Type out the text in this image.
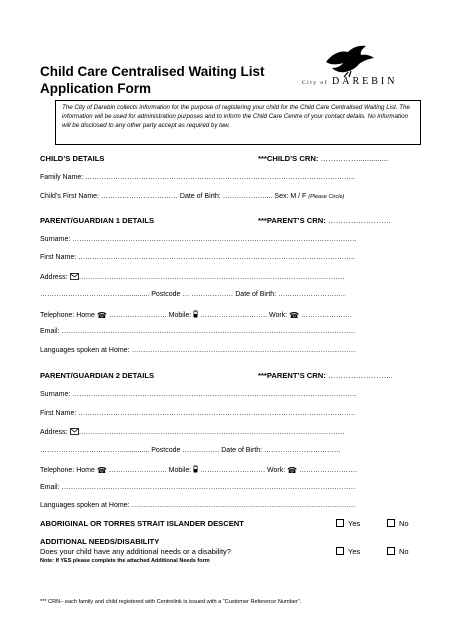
Child Care Centralised Waiting List
Application Form	City of DAREBIN

The City of Darebin collects information for the purpose of registering your child for the Child Care Centralised Waiting List. The information will be used for administration purposes and to inform the Child Care Centre of your contact details. No information will be disclosed to any other party accept as required by law.

CHILD’S DETAILS	***CHILD’S CRN: ……………..............
Family Name: ……………………………………………………………………………………………………..
Child’s First Name: …………………………… Date of Birth: ……………….... Sex: M / F (Please Circle)
PARENT/GUARDIAN 1 DETAILS	***PARENT’S CRN: …………………….
Surname: …………………………………………………………………………………………………………..
First Name: ………………………………………………………………………………………………………..
Address: ……………………………………………………………………………………………………
………………………………............. Postcode … ……………… Date of Birth: ………………………..
Telephone: Home ☎ ……………………. Mobile: ……………………….. Work: ☎ ………………….
Email: ………………………………………………………………………………………………………………
Languages spoken at Home: ……………………………………………………………………………………
PARENT/GUARDIAN 2 DETAILS	***PARENT’S CRN: ……………………..
Surname: …………………………………………………………………………………………………………..
First Name: ………………………………………………………………………………………………………..
Address: ……………………………………………………………………………………………………
………………………………............. Postcode ……………. Date of Birth: ……………………………
Telephone: Home ☎ ……………………. Mobile: ………………………. Work: ☎ …………………….
Email: ………………………………………………………………………………………………………………
Languages spoken at Home: ……………………………………………………………………………………
ABORIGINAL OR TORRES STRAIT ISLANDER DESCENT	Yes	No
ADDITIONAL NEEDS/DISABILITY
Does your child have any additional needs or a disability?	Yes	No
Note: If YES please complete the attached Additional Needs form
*** CRN– each family and child registered with Centrelink is issued with a “Customer Reference Number”.
